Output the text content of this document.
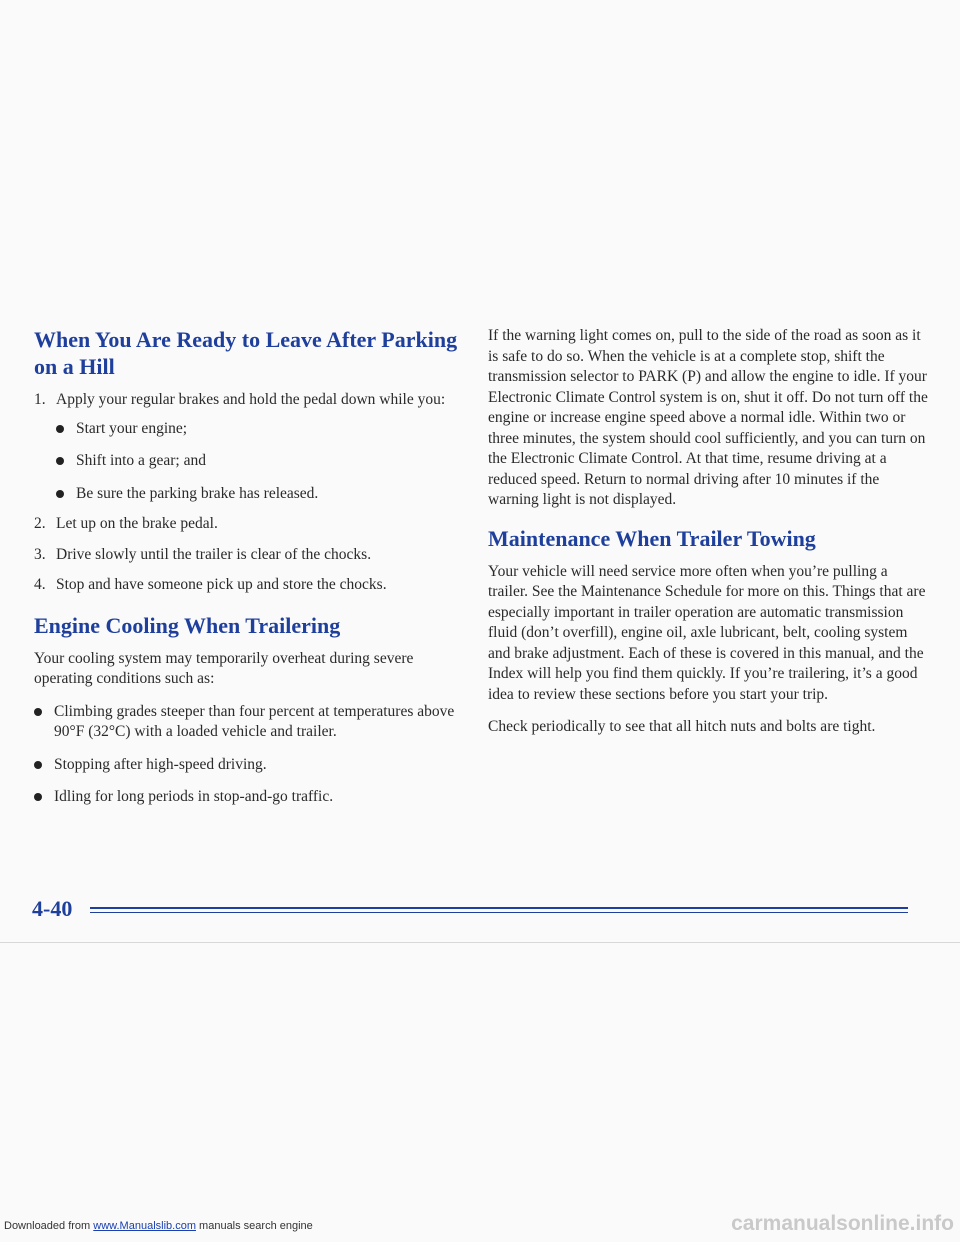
When You Are Ready to Leave After Parking on a Hill
1. Apply your regular brakes and hold the pedal down while you:
Start your engine;
Shift into a gear; and
Be sure the parking brake has released.
2. Let up on the brake pedal.
3. Drive slowly until the trailer is clear of the chocks.
4. Stop and have someone pick up and store the chocks.
Engine Cooling When Trailering

Your cooling system may temporarily overheat during severe operating conditions such as:

Climbing grades steeper than four percent at temperatures above 90°F (32°C) with a loaded vehicle and trailer.
Stopping after high-speed driving.
Idling for long periods in stop-and-go traffic.

If the warning light comes on, pull to the side of the road as soon as it is safe to do so. When the vehicle is at a complete stop, shift the transmission selector to PARK (P) and allow the engine to idle. If your Electronic Climate Control system is on, shut it off. Do not turn off the engine or increase engine speed above a normal idle. Within two or three minutes, the system should cool sufficiently, and you can turn on the Electronic Climate Control. At that time, resume driving at a reduced speed. Return to normal driving after 10 minutes if the warning light is not displayed.

Maintenance When Trailer Towing

Your vehicle will need service more often when you’re pulling a trailer. See the Maintenance Schedule for more on this. Things that are especially important in trailer operation are automatic transmission fluid (don’t overfill), engine oil, axle lubricant, belt, cooling system and brake adjustment. Each of these is covered in this manual, and the Index will help you find them quickly. If you’re trailering, it’s a good idea to review these sections before you start your trip.

Check periodically to see that all hitch nuts and bolts are tight.

4-40
Downloaded from www.Manualslib.com manuals search engine	carmanualsonline.info
